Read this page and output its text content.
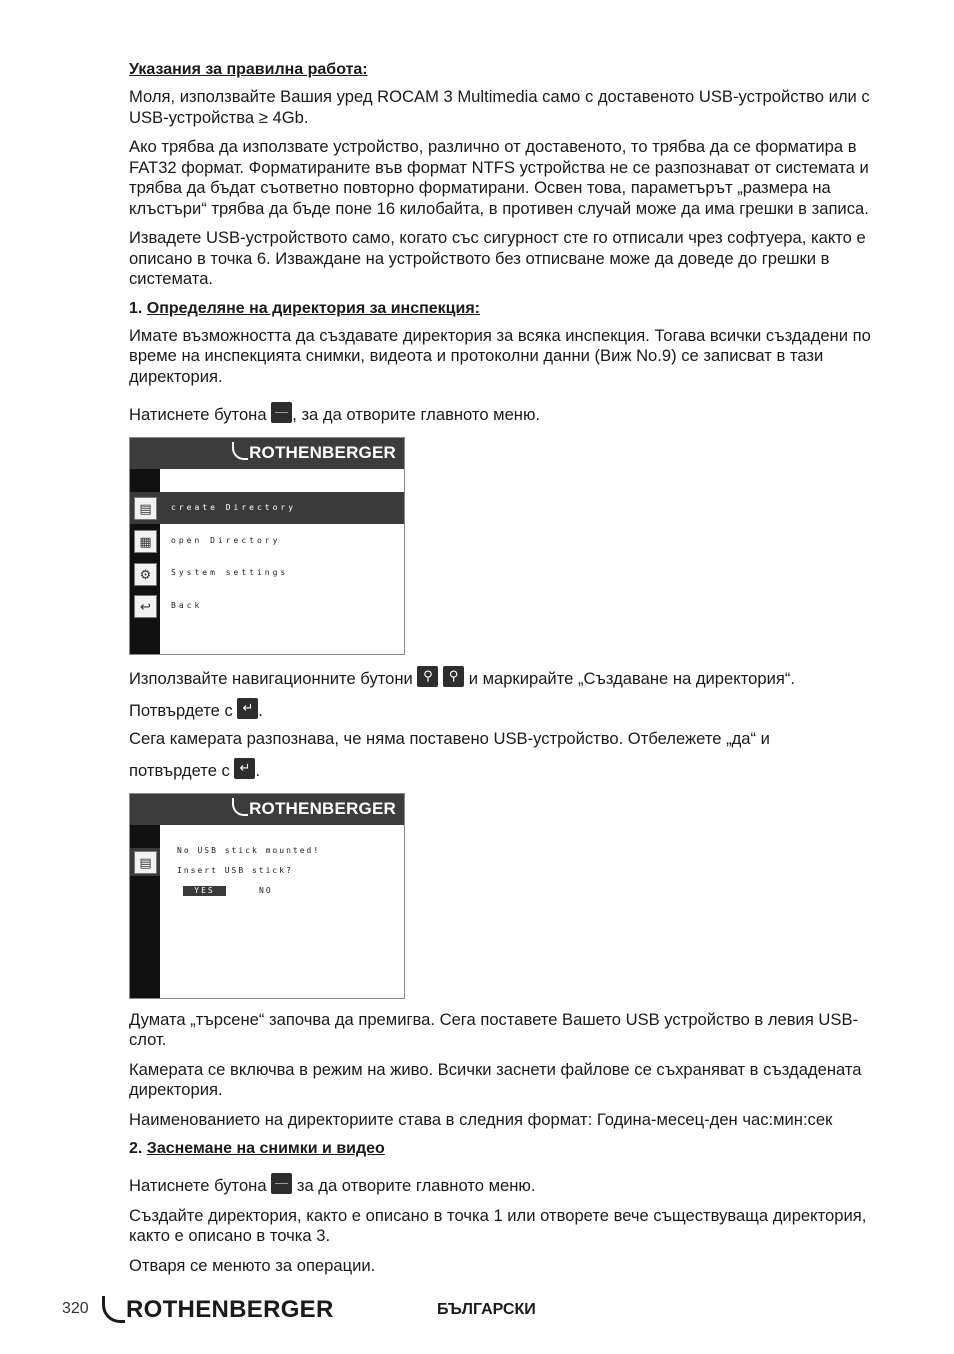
Указания за правилна работа:

Моля, използвайте Вашия уред ROCAM 3 Multimedia само с доставеното USB-устройство или с USB-устройства ≥ 4Gb.

Ако трябва да използвате устройство, различно от доставеното, то трябва да се форматира в FAT32 формат. Форматираните във формат NTFS устройства не се разпознават от системата и трябва да бъдат съответно повторно форматирани. Освен това, параметърът „размера на клъстъри“ трябва да бъде поне 16 килобайта, в противен случай може да има грешки в записа.

Извадете USB-устройството само, когато със сигурност сте го отписали чрез софтуера, както е описано в точка 6. Изваждане на устройството без отписване може да доведе до грешки в системата.

1. Определяне на директория за инспекция:

Имате възможността да създавате директория за всяка инспекция. Тогава всички създадени по време на инспекцията снимки, видеота и протоколни данни (Виж No.9) се записват в тази директория.

Натиснете бутона , за да отворите главното меню.

ROTHENBERGER
create Directory
▤
open Directory
▦
System settings
⚙
Back
↩

Използвайте навигационните бутони ⚲ ⚲	и маркирайте „Създаване на директория“.

Потвърдете с ↵ .

Сега камерата разпознава, че няма поставено USB-устройство. Отбележете „да“ и

потвърдете с ↵ .

ROTHENBERGER
▤
No USB stick mounted!
Insert USB stick?
YES	NO

Думата „търсене“ започва да премигва. Сега поставете Вашето USB устройство в левия USB-слот.

Камерата се включва в режим на живо. Всички заснети файлове се съхраняват в създадената директория.

Наименованието на директориите става в следния формат: Година-месец-ден час:мин:сек

2. Заснемане на снимки и видео

Натиснете бутона за да отворите главното меню.

Създайте директория, както е описано в точка 1 или отворете вече съществуваща директория, както е описано в точка 3.

Отваря се менюто за операции.

320	ROTHENBERGER	БЪЛГАРСКИ
